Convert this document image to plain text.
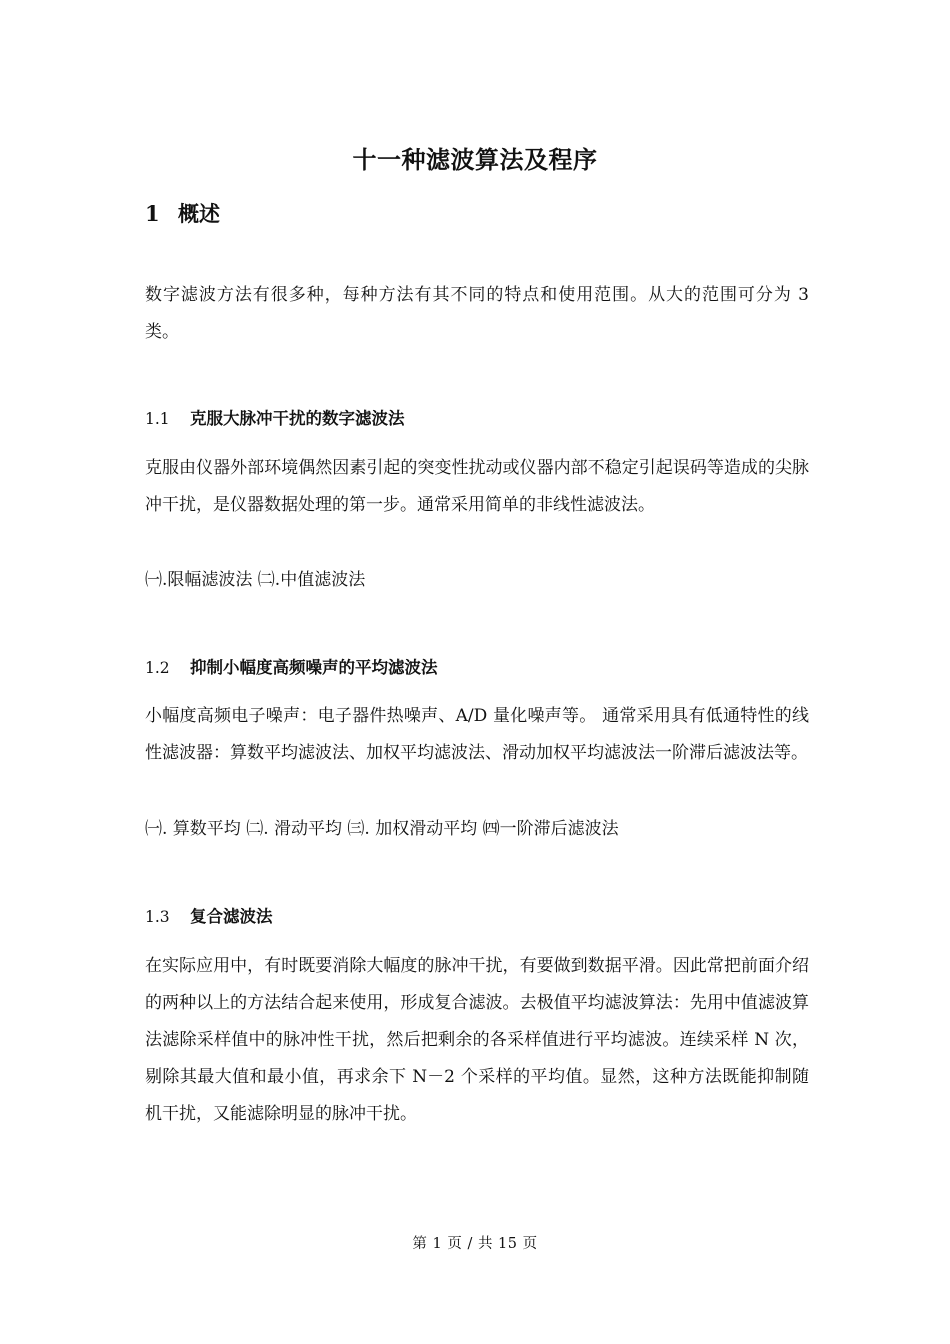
十一种滤波算法及程序
1 概述
数字滤波方法有很多种，每种方法有其不同的特点和使用范围。从大的范围可分为 3 类。
1.1 克服大脉冲干扰的数字滤波法
克服由仪器外部环境偶然因素引起的突变性扰动或仪器内部不稳定引起误码等造成的尖脉冲干扰，是仪器数据处理的第一步。通常采用简单的非线性滤波法。
㈠.限幅滤波法 ㈡.中值滤波法
1.2 抑制小幅度高频噪声的平均滤波法
小幅度高频电子噪声：电子器件热噪声、A/D 量化噪声等。 通常采用具有低通特性的线性滤波器：算数平均滤波法、加权平均滤波法、滑动加权平均滤波法一阶滞后滤波法等。
㈠. 算数平均 ㈡. 滑动平均 ㈢. 加权滑动平均 ㈣一阶滞后滤波法
1.3 复合滤波法
在实际应用中，有时既要消除大幅度的脉冲干扰，有要做到数据平滑。因此常把前面介绍的两种以上的方法结合起来使用，形成复合滤波。去极值平均滤波算法：先用中值滤波算法滤除采样值中的脉冲性干扰，然后把剩余的各采样值进行平均滤波。连续采样 N 次，剔除其最大值和最小值，再求余下 N－2 个采样的平均值。显然，这种方法既能抑制随机干扰，又能滤除明显的脉冲干扰。
第 1 页 / 共 15 页
